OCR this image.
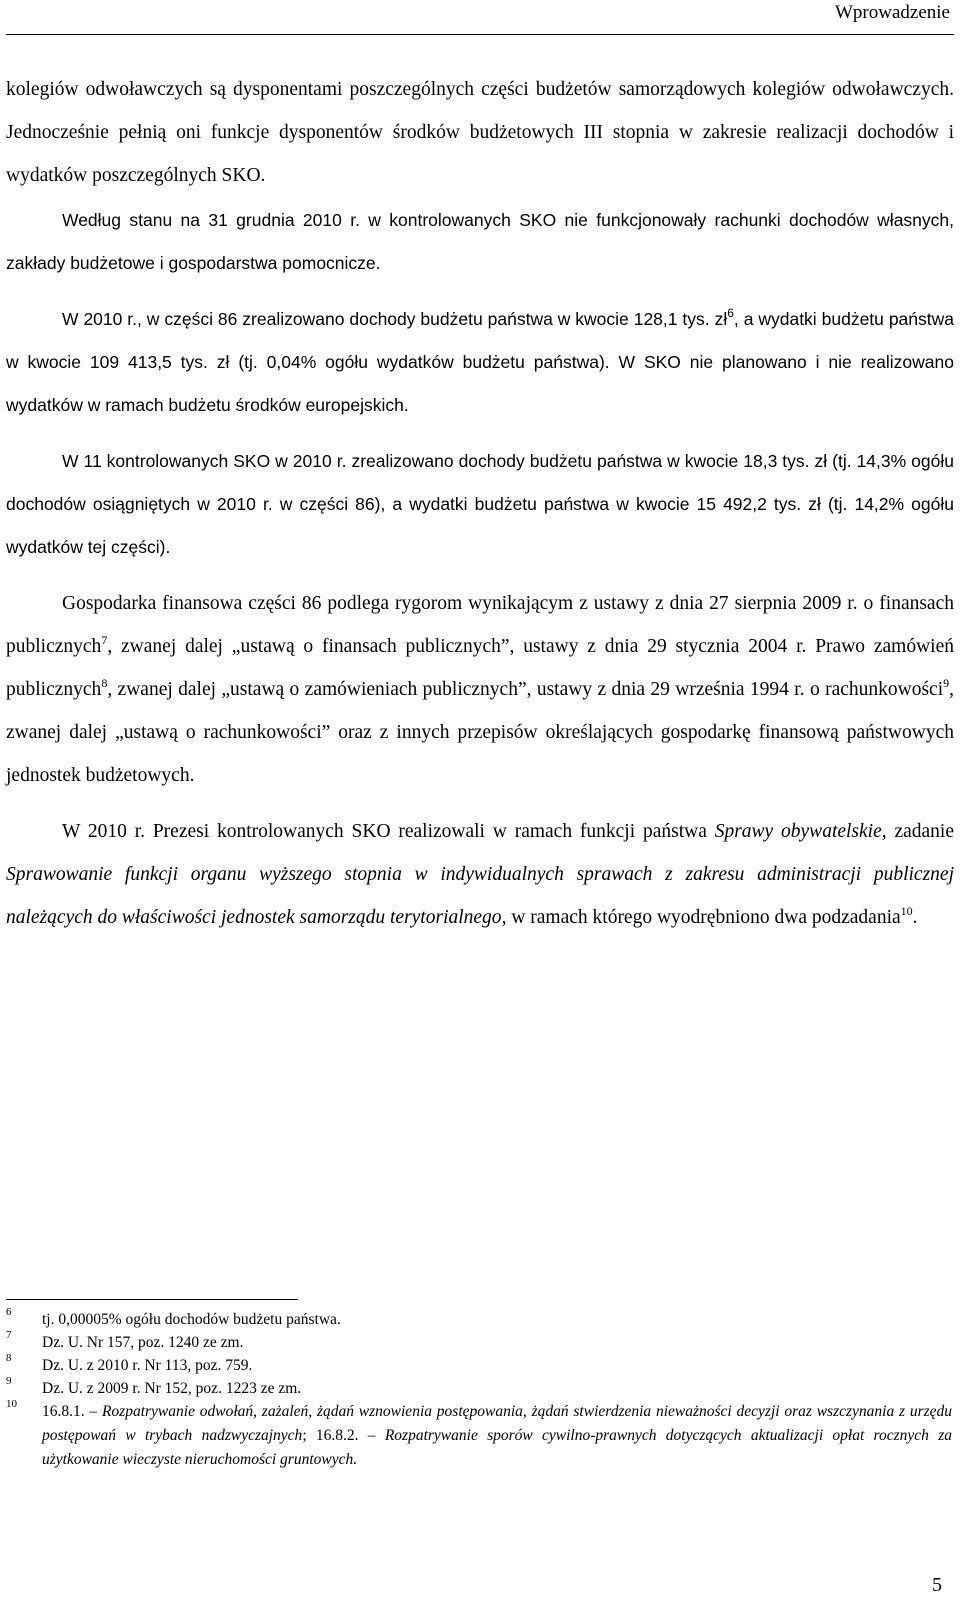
Wprowadzenie

kolegiów odwoławczych są dysponentami poszczególnych części budżetów samorządowych kolegiów odwoławczych. Jednocześnie pełnią oni funkcje dysponentów środków budżetowych III stopnia w zakresie realizacji dochodów i wydatków poszczególnych SKO.

Według stanu na 31 grudnia 2010 r. w kontrolowanych SKO nie funkcjonowały rachunki dochodów własnych, zakłady budżetowe i gospodarstwa pomocnicze.

W 2010 r., w części 86 zrealizowano dochody budżetu państwa w kwocie 128,1 tys. $zł^6$, a wydatki budżetu państwa w kwocie 109 413,5 tys. zł (tj. 0,04% ogółu wydatków budżetu państwa). W SKO nie planowano i nie realizowano wydatków w ramach budżetu środków europejskich.

W 11 kontrolowanych SKO w 2010 r. zrealizowano dochody budżetu państwa w kwocie 18,3 tys. zł (tj. 14,3% ogółu dochodów osiągniętych w 2010 r. w części 86), a wydatki budżetu państwa w kwocie 15 492,2 tys. zł (tj. 14,2% ogółu wydatków tej części).

Gospodarka finansowa części 86 podlega rygorom wynikającym z ustawy z dnia 27 sierpnia 2009 r. o finansach publicznych$^7$, zwanej dalej „ustawą o finansach publicznych”, ustawy z dnia 29 stycznia 2004 r. Prawo zamówień publicznych$^8$, zwanej dalej „ustawą o zamówieniach publicznych”, ustawy z dnia 29 września 1994 r. o rachunkowości$^9$, zwanej dalej „ustawą o rachunkowości” oraz z innych przepisów określających gospodarkę finansową państwowych jednostek budżetowych.

W 2010 r. Prezesi kontrolowanych SKO realizowali w ramach funkcji państwa Sprawy obywatelskie, zadanie Sprawowanie funkcji organu wyższego stopnia w indywidualnych sprawach z zakresu administracji publicznej należących do właściwości jednostek samorządu terytorialnego, w ramach którego wyodrębniono dwa podzadania$^{10}$.

6	tj. 0,00005% ogółu dochodów budżetu państwa.
7	Dz. U. Nr 157, poz. 1240 ze zm.
8	Dz. U. z 2010 r. Nr 113, poz. 759.
9	Dz. U. z 2009 r. Nr 152, poz. 1223 ze zm.
10	16.8.1. – Rozpatrywanie odwołań, zażaleń, żądań wznowienia postępowania, żądań stwierdzenia nieważności decyzji oraz wszczynania z urzędu postępowań w trybach nadzwyczajnych; 16.8.2. – Rozpatrywanie sporów cywilno-prawnych dotyczących aktualizacji opłat rocznych za użytkowanie wieczyste nieruchomości gruntowych.
5
